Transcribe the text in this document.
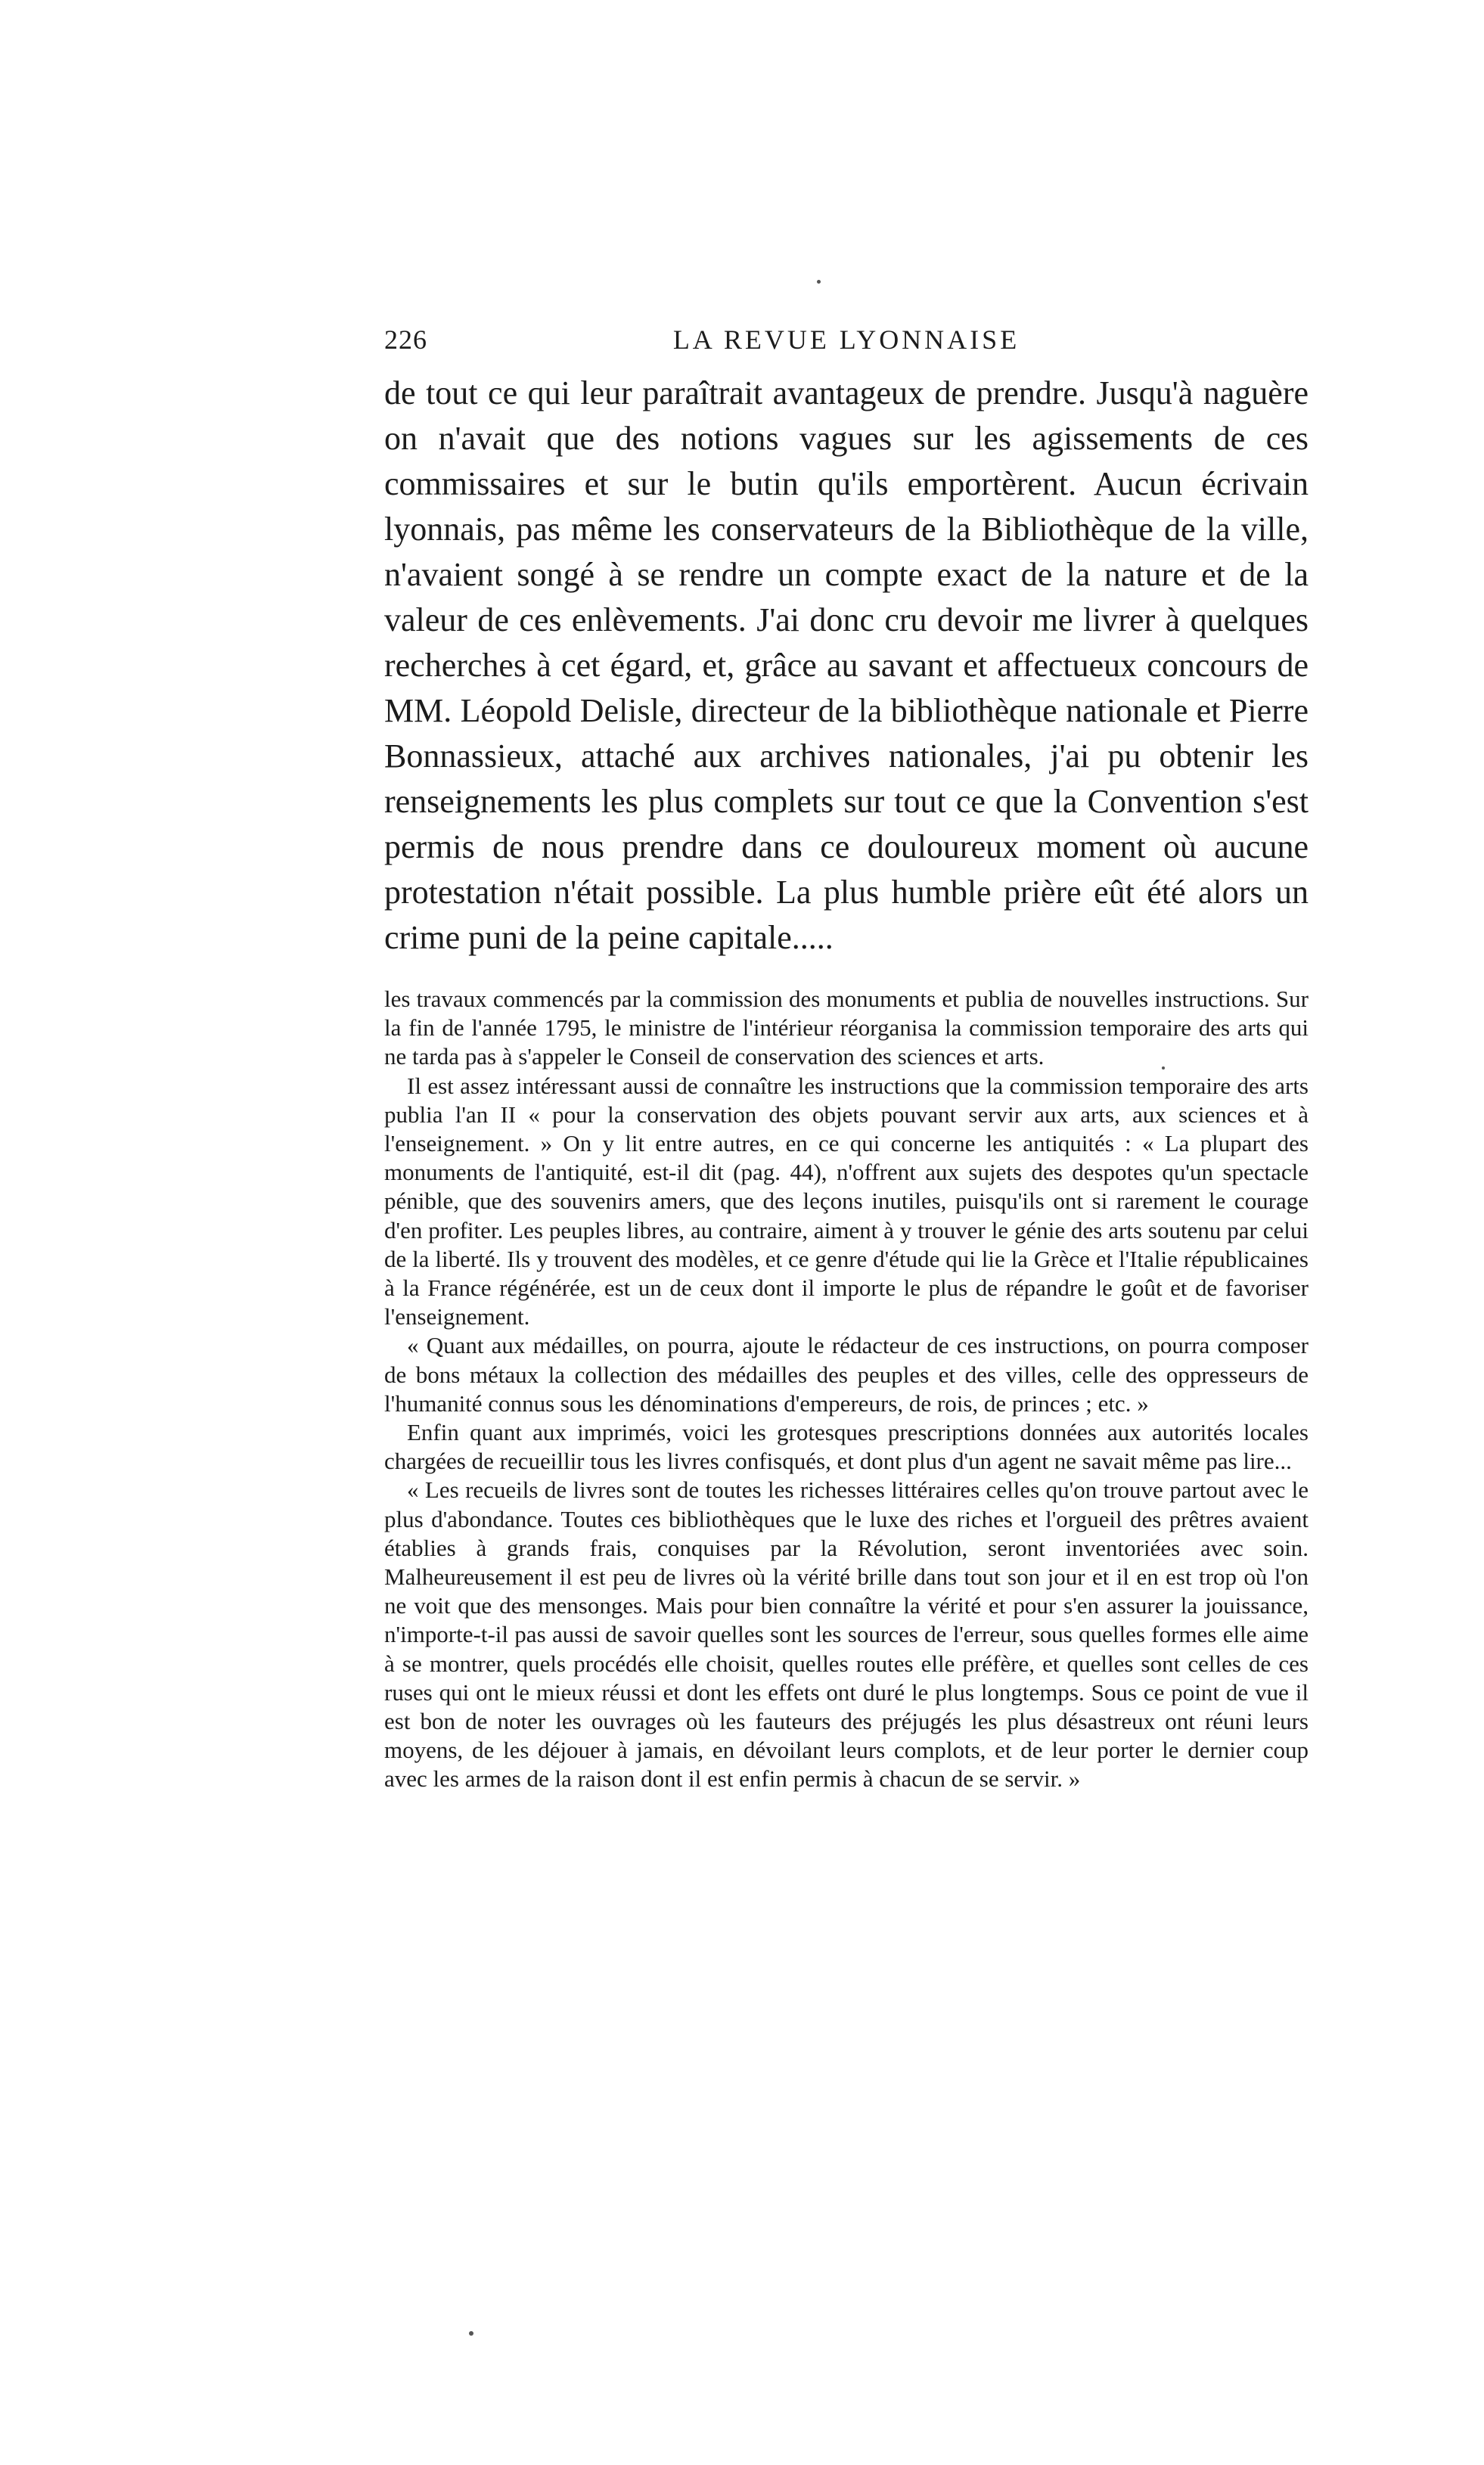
226	LA REVUE LYONNAISE

de tout ce qui leur paraîtrait avantageux de prendre. Jusqu'à naguère on n'avait que des notions vagues sur les agissements de ces commissaires et sur le butin qu'ils emportèrent. Aucun écrivain lyonnais, pas même les conservateurs de la Bibliothèque de la ville, n'avaient songé à se rendre un compte exact de la nature et de la valeur de ces enlèvements. J'ai donc cru devoir me livrer à quelques recherches à cet égard, et, grâce au savant et affectueux concours de MM. Léopold Delisle, directeur de la bibliothèque nationale et Pierre Bonnassieux, attaché aux archives nationales, j'ai pu obtenir les renseignements les plus complets sur tout ce que la Convention s'est permis de nous prendre dans ce douloureux moment où aucune protestation n'était possible. La plus humble prière eût été alors un crime puni de la peine capitale.....

les travaux commencés par la commission des monuments et publia de nouvelles instructions. Sur la fin de l'année 1795, le ministre de l'intérieur réorganisa la commission temporaire des arts qui ne tarda pas à s'appeler le Conseil de conservation des sciences et arts.

Il est assez intéressant aussi de connaître les instructions que la commission temporaire des arts publia l'an II « pour la conservation des objets pouvant servir aux arts, aux sciences et à l'enseignement. » On y lit entre autres, en ce qui concerne les antiquités : « La plupart des monuments de l'antiquité, est-il dit (pag. 44), n'offrent aux sujets des despotes qu'un spectacle pénible, que des souvenirs amers, que des leçons inutiles, puisqu'ils ont si rarement le courage d'en profiter. Les peuples libres, au contraire, aiment à y trouver le génie des arts soutenu par celui de la liberté. Ils y trouvent des modèles, et ce genre d'étude qui lie la Grèce et l'Italie républicaines à la France régénérée, est un de ceux dont il importe le plus de répandre le goût et de favoriser l'enseignement.

« Quant aux médailles, on pourra, ajoute le rédacteur de ces instructions, on pourra composer de bons métaux la collection des médailles des peuples et des villes, celle des oppresseurs de l'humanité connus sous les dénominations d'empereurs, de rois, de princes ; etc. »

Enfin quant aux imprimés, voici les grotesques prescriptions données aux autorités locales chargées de recueillir tous les livres confisqués, et dont plus d'un agent ne savait même pas lire...

« Les recueils de livres sont de toutes les richesses littéraires celles qu'on trouve partout avec le plus d'abondance. Toutes ces bibliothèques que le luxe des riches et l'orgueil des prêtres avaient établies à grands frais, conquises par la Révolution, seront inventoriées avec soin. Malheureusement il est peu de livres où la vérité brille dans tout son jour et il en est trop où l'on ne voit que des mensonges. Mais pour bien connaître la vérité et pour s'en assurer la jouissance, n'importe-t-il pas aussi de savoir quelles sont les sources de l'erreur, sous quelles formes elle aime à se montrer, quels procédés elle choisit, quelles routes elle préfère, et quelles sont celles de ces ruses qui ont le mieux réussi et dont les effets ont duré le plus longtemps. Sous ce point de vue il est bon de noter les ouvrages où les fauteurs des préjugés les plus désastreux ont réuni leurs moyens, de les déjouer à jamais, en dévoilant leurs complots, et de leur porter le dernier coup avec les armes de la raison dont il est enfin permis à chacun de se servir. »
